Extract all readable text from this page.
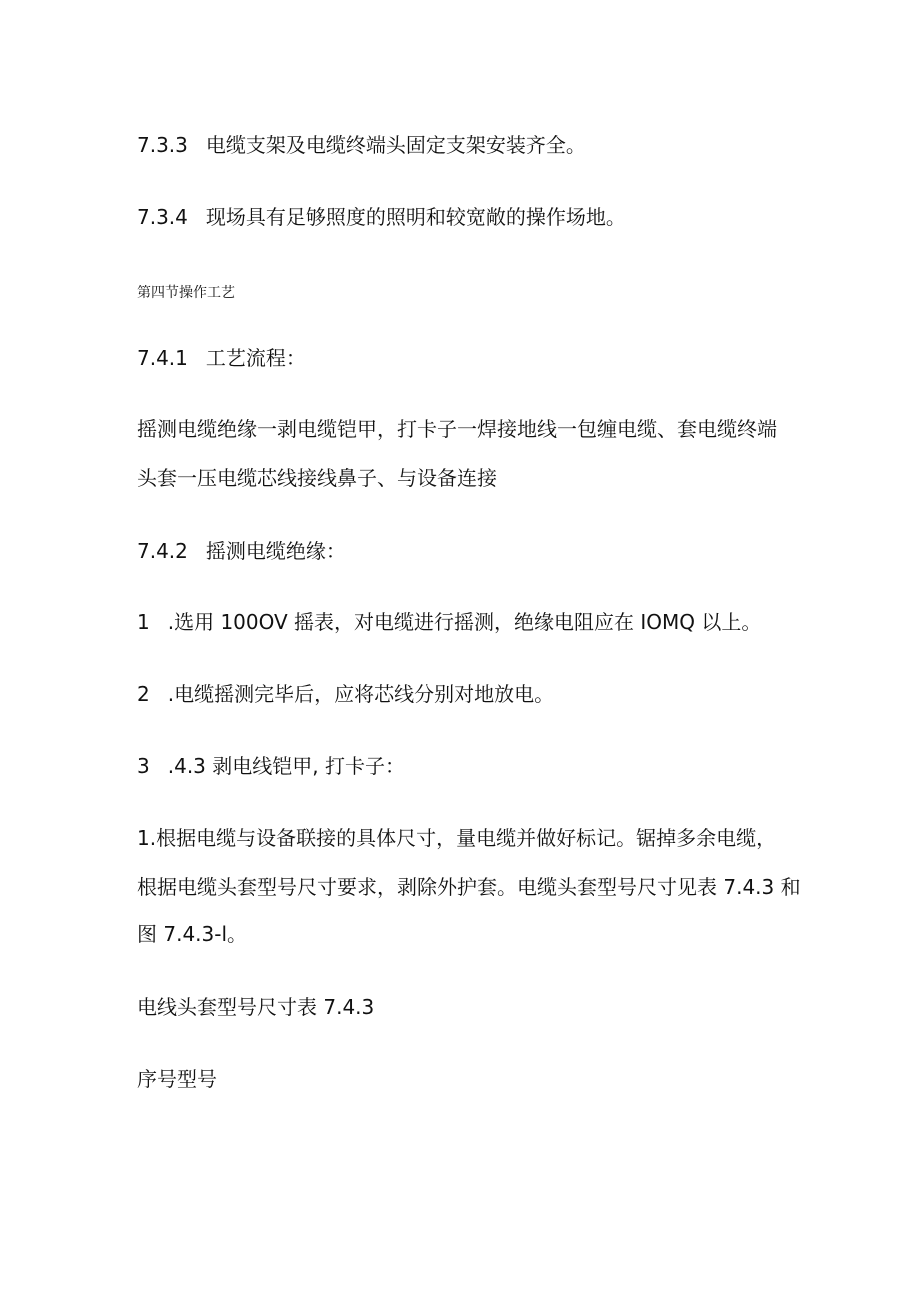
7.3.3 电缆支架及电缆终端头固定支架安装齐全。

7.3.4 现场具有足够照度的照明和较宽敞的操作场地。

第四节操作工艺

7.4.1 工艺流程：

摇测电缆绝缘一剥电缆铠甲，打卡子一焊接地线一包缠电缆、套电缆终端

头套一压电缆芯线接线鼻子、与设备连接

7.4.2 摇测电缆绝缘：

1 .选用 100OV 摇表，对电缆进行摇测，绝缘电阻应在 IOMQ 以上。

2 .电缆摇测完毕后，应将芯线分别对地放电。

3 .4.3 剥电线铠甲, 打卡子：

1.根据电缆与设备联接的具体尺寸，量电缆并做好标记。锯掉多余电缆，

根据电缆头套型号尺寸要求，剥除外护套。电缆头套型号尺寸见表 7.4.3 和

图 7.4.3-l。

电线头套型号尺寸表 7.4.3

序号型号
